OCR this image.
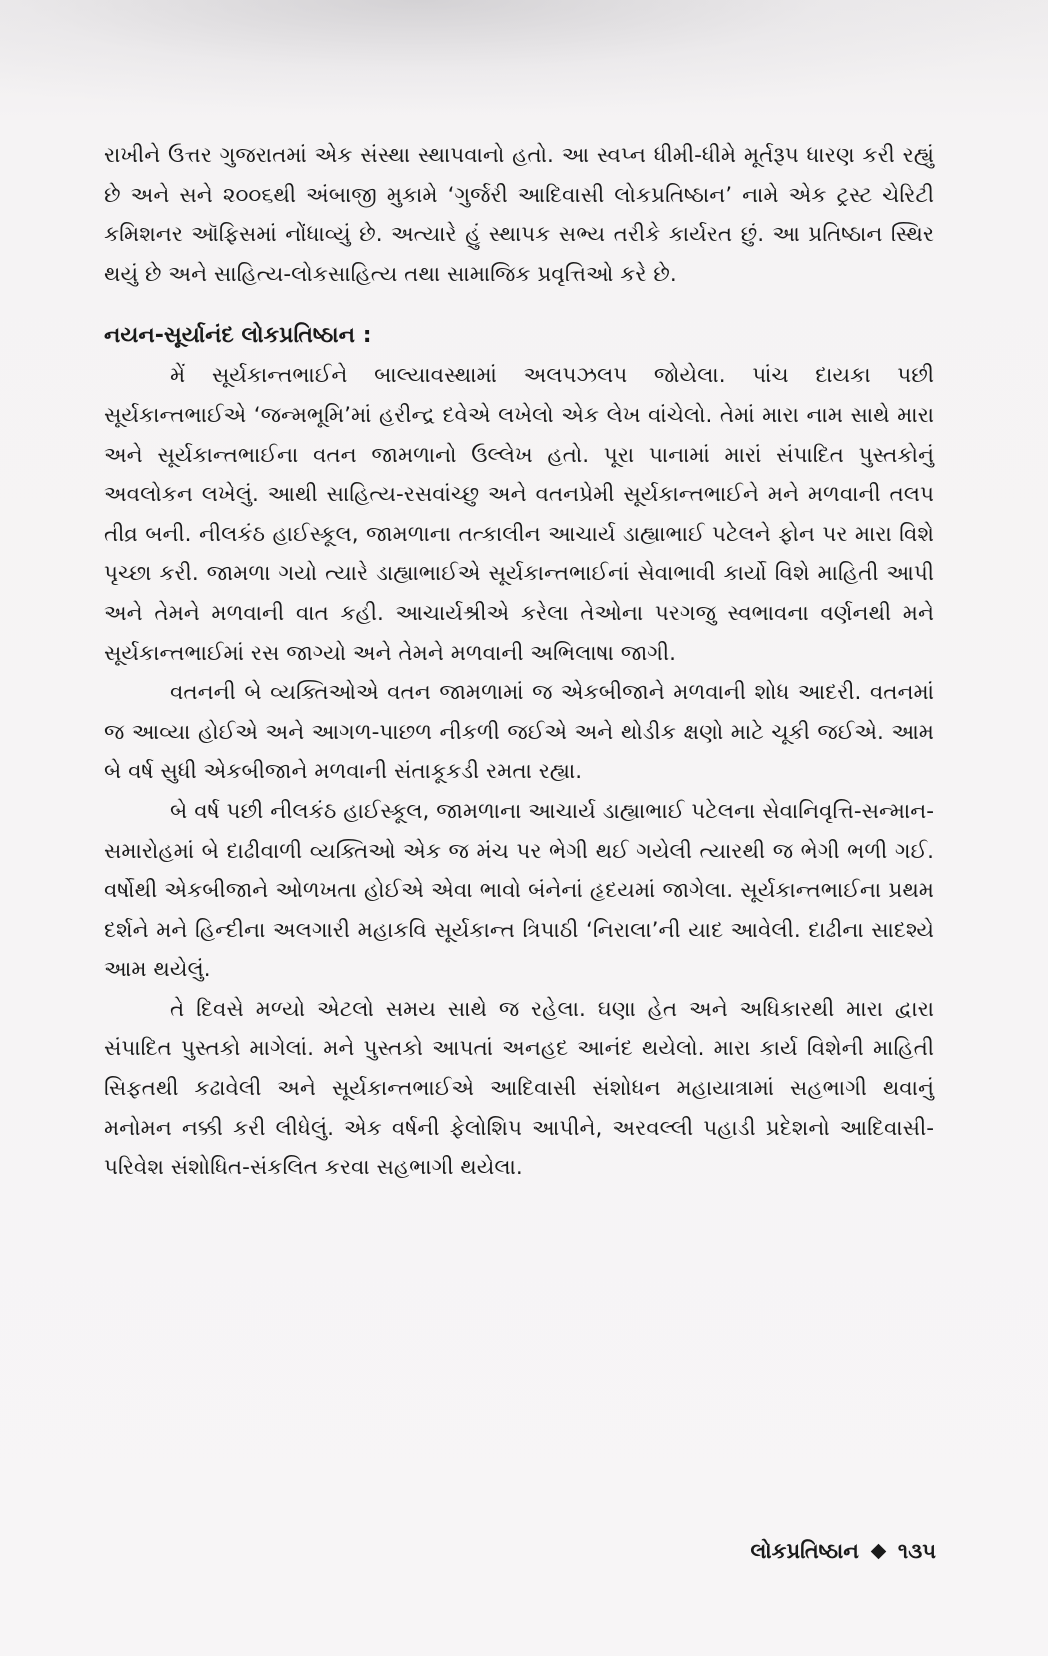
રાખીને ઉત્તર ગુજરાતમાં એક સંસ્થા સ્થાપવાનો હતો. આ સ્વપ્ન ધીમી-ધીમે મૂર્તરૂપ ધારણ કરી રહ્યું છે અને સને ૨૦૦૬થી અંબાજી મુકામે ‘ગુર્જરી આદિવાસી લોકપ્રતિષ્ઠાન’ નામે એક ટ્રસ્ટ ચેરિટી કમિશનર ઑફિસમાં નોંધાવ્યું છે. અત્યારે હું સ્થાપક સભ્ય તરીકે કાર્યરત છું. આ પ્રતિષ્ઠાન સ્થિર થયું છે અને સાહિત્ય-લોકસાહિત્ય તથા સામાજિક પ્રવૃત્તિઓ કરે છે.

નયન-સૂર્યાનંદ લોકપ્રતિષ્ઠાન :

મેં સૂર્યકાન્તભાઈને બાલ્યાવસ્થામાં અલપઝલપ જોયેલા. પાંચ દાયકા પછી સૂર્યકાન્તભાઈએ ‘જન્મભૂમિ’માં હરીન્દ્ર દવેએ લખેલો એક લેખ વાંચેલો. તેમાં મારા નામ સાથે મારા અને સૂર્યકાન્તભાઈના વતન જામળાનો ઉલ્લેખ હતો. પૂરા પાનામાં મારાં સંપાદિત પુસ્તકોનું અવલોકન લખેલું. આથી સાહિત્ય-રસવાંચ્છુ અને વતનપ્રેમી સૂર્યકાન્તભાઈને મને મળવાની તલપ તીવ્ર બની. નીલકંઠ હાઈસ્કૂલ, જામળાના તત્કાલીન આચાર્ય ડાહ્યાભાઈ પટેલને ફોન પર મારા વિશે પૃચ્છા કરી. જામળા ગયો ત્યારે ડાહ્યાભાઈએ સૂર્યકાન્તભાઈનાં સેવાભાવી કાર્યો વિશે માહિતી આપી અને તેમને મળવાની વાત કહી. આચાર્યશ્રીએ કરેલા તેઓના પરગજુ સ્વભાવના વર્ણનથી મને સૂર્યકાન્તભાઈમાં રસ જાગ્યો અને તેમને મળવાની અભિલાષા જાગી.

વતનની બે વ્યક્તિઓએ વતન જામળામાં જ એકબીજાને મળવાની શોધ આદરી. વતનમાં જ આવ્યા હોઈએ અને આગળ-પાછળ નીકળી જઈએ અને થોડીક ક્ષણો માટે ચૂકી જઈએ. આમ બે વર્ષ સુધી એકબીજાને મળવાની સંતાકૂકડી રમતા રહ્યા.

બે વર્ષ પછી નીલકંઠ હાઈસ્કૂલ, જામળાના આચાર્ય ડાહ્યાભાઈ પટેલના સેવાનિવૃત્તિ-સન્માન-સમારોહમાં બે દાઢીવાળી વ્યક્તિઓ એક જ મંચ પર ભેગી થઈ ગયેલી ત્યારથી જ ભેગી ભળી ગઈ. વર્ષોથી એકબીજાને ઓળખતા હોઈએ એવા ભાવો બંનેનાં હૃદયમાં જાગેલા. સૂર્યકાન્તભાઈના પ્રથમ દર્શને મને હિન્દીના અલગારી મહાકવિ સૂર્યકાન્ત ત્રિપાઠી ‘નિરાલા’ની યાદ આવેલી. દાઢીના સાદશ્યે આમ થયેલું.

તે દિવસે મળ્યો એટલો સમય સાથે જ રહેલા. ઘણા હેત અને અધિકારથી મારા દ્વારા સંપાદિત પુસ્તકો માગેલાં. મને પુસ્તકો આપતાં અનહદ આનંદ થયેલો. મારા કાર્ય વિશેની માહિતી સિફતથી કઢાવેલી અને સૂર્યકાન્તભાઈએ આદિવાસી સંશોધન મહાયાત્રામાં સહભાગી થવાનું મનોમન નક્કી કરી લીધેલું. એક વર્ષની ફેલોશિપ આપીને, અરવલ્લી પહાડી પ્રદેશનો આદિવાસી-પરિવેશ સંશોધિત-સંકલિત કરવા સહભાગી થયેલા.

લોકપ્રતિષ્ઠાન ૧૩૫
